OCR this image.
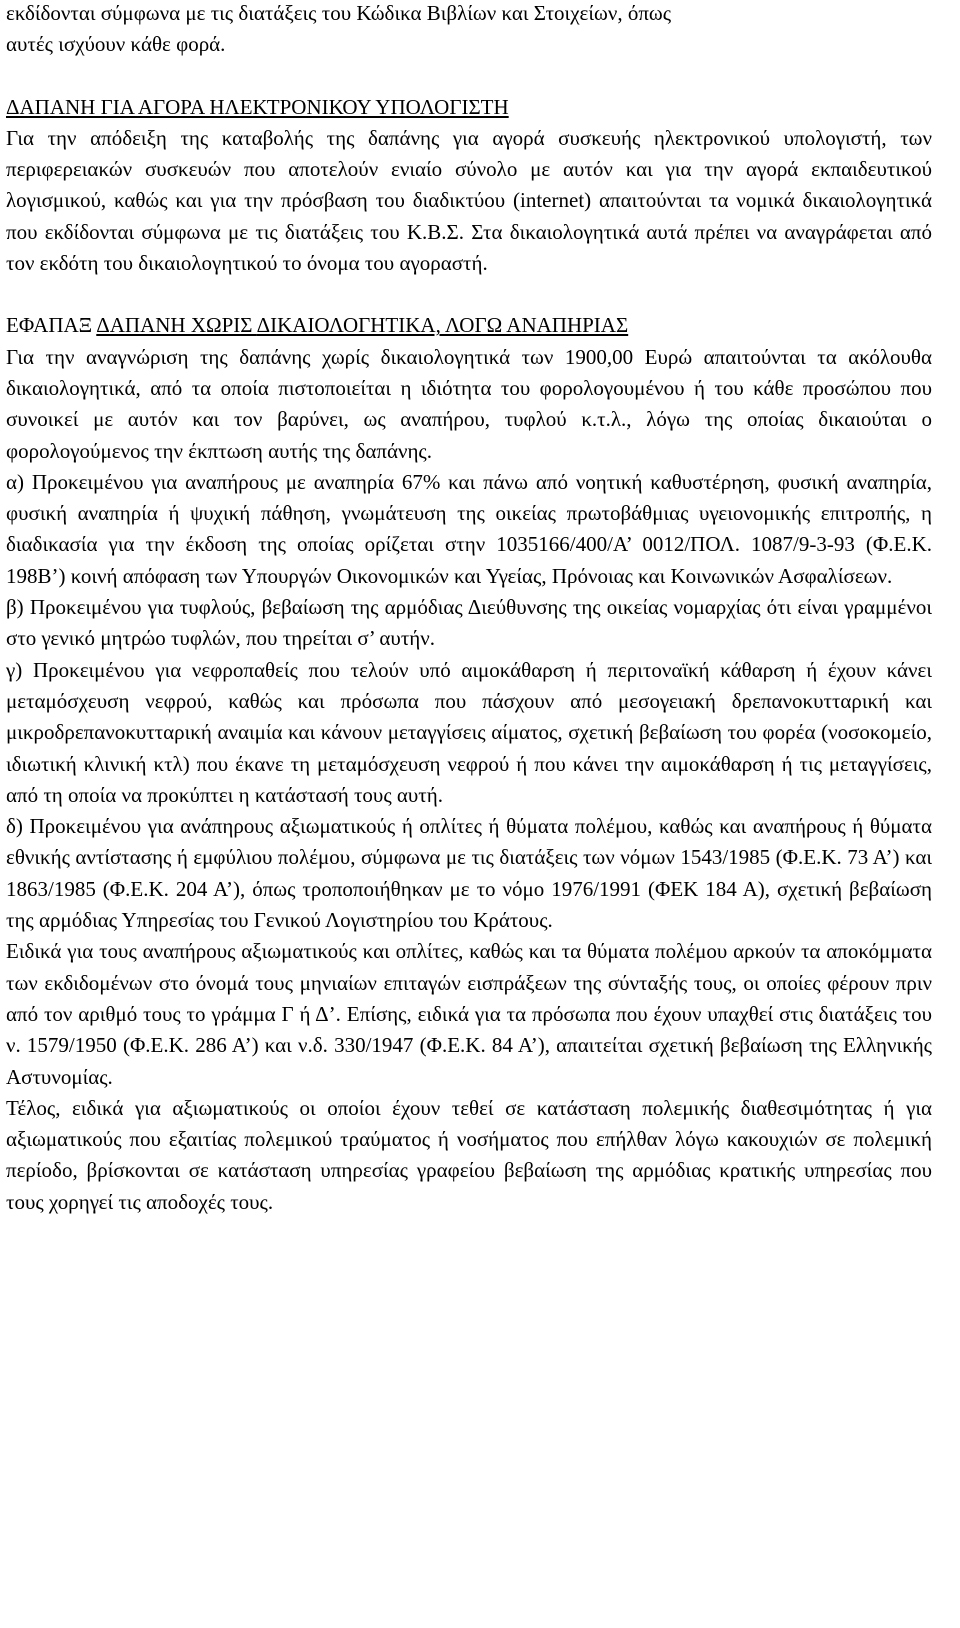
εκδίδονται σύμφωνα με τις διατάξεις του Κώδικα Βιβλίων και Στοιχείων, όπως

αυτές ισχύουν κάθε φορά.

ΔΑΠΑΝΗ ΓΙΑ ΑΓΟΡΑ ΗΛΕΚΤΡΟΝΙΚΟΥ ΥΠΟΛΟΓΙΣΤΗ

Για την απόδειξη της καταβολής της δαπάνης για αγορά συσκευής ηλεκτρονικού υπολογιστή, των περιφερειακών συσκευών που αποτελούν ενιαίο σύνολο με αυτόν και για την αγορά εκπαιδευτικού λογισμικού, καθώς και για την πρόσβαση του διαδικτύου (internet) απαιτούνται τα νομικά δικαιολογητικά που εκδίδονται σύμφωνα με τις διατάξεις του Κ.Β.Σ. Στα δικαιολογητικά αυτά πρέπει να αναγράφεται από τον εκδότη του δικαιολογητικού το όνομα του αγοραστή.

ΕΦΑΠΑΞ ΔΑΠΑΝΗ ΧΩΡΙΣ ΔΙΚΑΙΟΛΟΓΗΤΙΚΑ, ΛΟΓΩ ΑΝΑΠΗΡΙΑΣ

Για την αναγνώριση της δαπάνης χωρίς δικαιολογητικά των 1900,00 Ευρώ απαιτούνται τα ακόλουθα δικαιολογητικά, από τα οποία πιστοποιείται η ιδιότητα του φορολογουμένου ή του κάθε προσώπου που συνοικεί με αυτόν και τον βαρύνει, ως αναπήρου, τυφλού κ.τ.λ., λόγω της οποίας δικαιούται ο φορολογούμενος την έκπτωση αυτής της δαπάνης.

α) Προκειμένου για αναπήρους με αναπηρία 67% και πάνω από νοητική καθυστέρηση, φυσική αναπηρία, φυσική αναπηρία ή ψυχική πάθηση, γνωμάτευση της οικείας πρωτοβάθμιας υγειονομικής επιτροπής, η διαδικασία για την έκδοση της οποίας ορίζεται στην 1035166/400/Α’ 0012/ΠΟΛ. 1087/9-3-93 (Φ.Ε.Κ. 198Β’) κοινή απόφαση των Υπουργών Οικονομικών και Υγείας, Πρόνοιας και Κοινωνικών Ασφαλίσεων.

β) Προκειμένου για τυφλούς, βεβαίωση της αρμόδιας Διεύθυνσης της οικείας νομαρχίας ότι είναι γραμμένοι στο γενικό μητρώο τυφλών, που τηρείται σ’ αυτήν.

γ) Προκειμένου για νεφροπαθείς που τελούν υπό αιμοκάθαρση ή περιτοναϊκή κάθαρση ή έχουν κάνει μεταμόσχευση νεφρού, καθώς και πρόσωπα που πάσχουν από μεσογειακή δρεπανοκυτταρική και μικροδρεπανοκυτταρική αναιμία και κάνουν μεταγγίσεις αίματος, σχετική βεβαίωση του φορέα (νοσοκομείο, ιδιωτική κλινική κτλ) που έκανε τη μεταμόσχευση νεφρού ή που κάνει την αιμοκάθαρση ή τις μεταγγίσεις, από τη οποία να προκύπτει η κατάστασή τους αυτή.

δ) Προκειμένου για ανάπηρους αξιωματικούς ή οπλίτες ή θύματα πολέμου, καθώς και αναπήρους ή θύματα εθνικής αντίστασης ή εμφύλιου πολέμου, σύμφωνα με τις διατάξεις των νόμων 1543/1985 (Φ.Ε.Κ. 73 Α’) και 1863/1985 (Φ.Ε.Κ. 204 Α’), όπως τροποποιήθηκαν με το νόμο 1976/1991 (ΦΕΚ 184 Α), σχετική βεβαίωση της αρμόδιας Υπηρεσίας του Γενικού Λογιστηρίου του Κράτους.

Ειδικά για τους αναπήρους αξιωματικούς και οπλίτες, καθώς και τα θύματα πολέμου αρκούν τα αποκόμματα των εκδιδομένων στο όνομά τους μηνιαίων επιταγών εισπράξεων της σύνταξής τους, οι οποίες φέρουν πριν από τον αριθμό τους το γράμμα Γ ή Δ’. Επίσης, ειδικά για τα πρόσωπα που έχουν υπαχθεί στις διατάξεις του ν. 1579/1950 (Φ.Ε.Κ. 286 Α’) και ν.δ. 330/1947 (Φ.Ε.Κ. 84 Α’), απαιτείται σχετική βεβαίωση της Ελληνικής Αστυνομίας.

Τέλος, ειδικά για αξιωματικούς οι οποίοι έχουν τεθεί σε κατάσταση πολεμικής διαθεσιμότητας ή για αξιωματικούς που εξαιτίας πολεμικού τραύματος ή νοσήματος που επήλθαν λόγω κακουχιών σε πολεμική περίοδο, βρίσκονται σε κατάσταση υπηρεσίας γραφείου βεβαίωση της αρμόδιας κρατικής υπηρεσίας που τους χορηγεί τις αποδοχές τους.
